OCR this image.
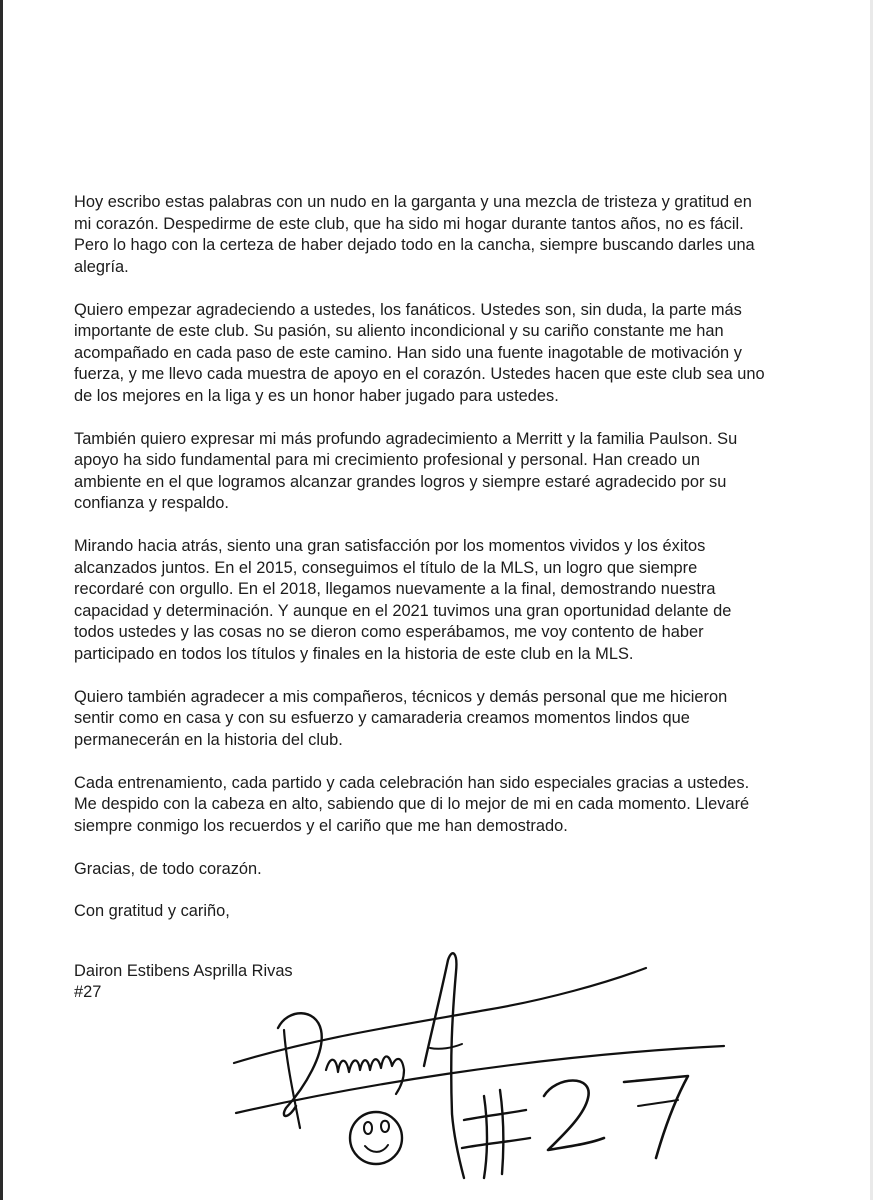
Hoy escribo estas palabras con un nudo en la garganta y una mezcla de tristeza y gratitud en
mi corazón. Despedirme de este club, que ha sido mi hogar durante tantos años, no es fácil.
Pero lo hago con la certeza de haber dejado todo en la cancha, siempre buscando darles una
alegría.

Quiero empezar agradeciendo a ustedes, los fanáticos. Ustedes son, sin duda, la parte más
importante de este club. Su pasión, su aliento incondicional y su cariño constante me han
acompañado en cada paso de este camino. Han sido una fuente inagotable de motivación y
fuerza, y me llevo cada muestra de apoyo en el corazón. Ustedes hacen que este club sea uno
de los mejores en la liga y es un honor haber jugado para ustedes.

También quiero expresar mi más profundo agradecimiento a Merritt y la familia Paulson. Su
apoyo ha sido fundamental para mi crecimiento profesional y personal. Han creado un
ambiente en el que logramos alcanzar grandes logros y siempre estaré agradecido por su
confianza y respaldo.

Mirando hacia atrás, siento una gran satisfacción por los momentos vividos y los éxitos
alcanzados juntos. En el 2015, conseguimos el título de la MLS, un logro que siempre
recordaré con orgullo. En el 2018, llegamos nuevamente a la final, demostrando nuestra
capacidad y determinación. Y aunque en el 2021 tuvimos una gran oportunidad delante de
todos ustedes y las cosas no se dieron como esperábamos, me voy contento de haber
participado en todos los títulos y finales en la historia de este club en la MLS.

Quiero también agradecer a mis compañeros, técnicos y demás personal que me hicieron
sentir como en casa y con su esfuerzo y camaraderia creamos momentos lindos que
permanecerán en la historia del club.

Cada entrenamiento, cada partido y cada celebración han sido especiales gracias a ustedes.
Me despido con la cabeza en alto, sabiendo que di lo mejor de mi en cada momento. Llevaré
siempre conmigo los recuerdos y el cariño que me han demostrado.

Gracias, de todo corazón.

Con gratitud y cariño,

Dairon Estibens Asprilla Rivas

#27
